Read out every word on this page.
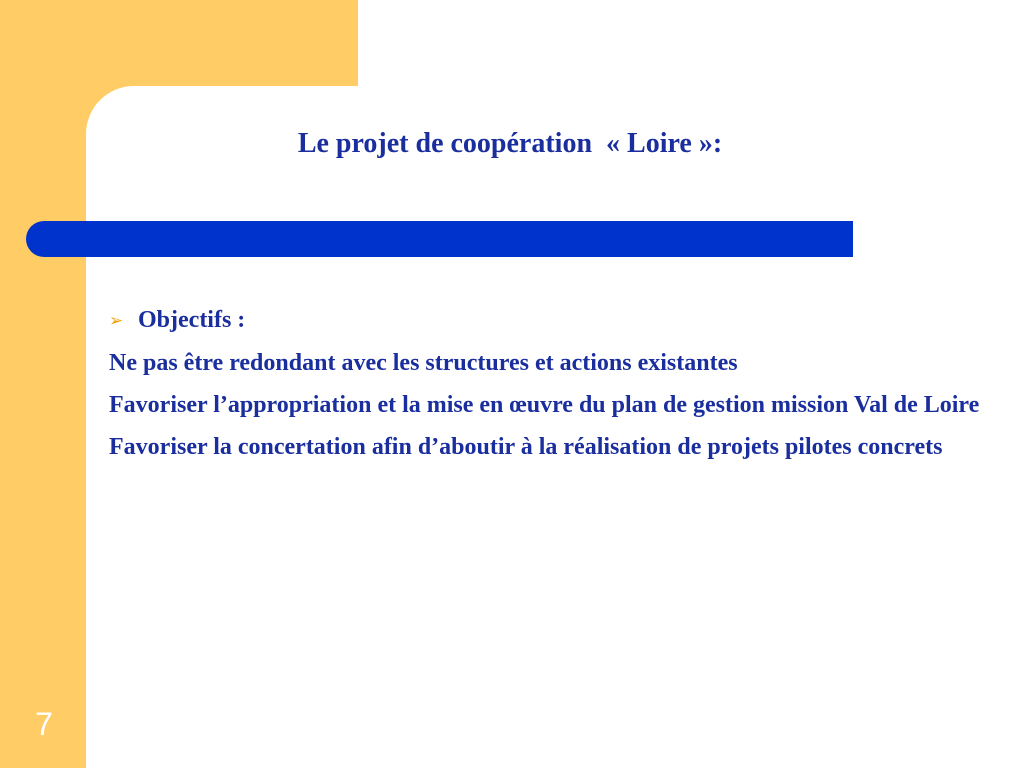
Le projet de coopération  « Loire »:
➢ Objectifs :

Ne pas être redondant avec les structures et actions existantes

Favoriser l’appropriation et la mise en œuvre du plan de gestion mission Val de Loire

Favoriser la concertation afin d’aboutir à la réalisation de projets pilotes concrets

7
